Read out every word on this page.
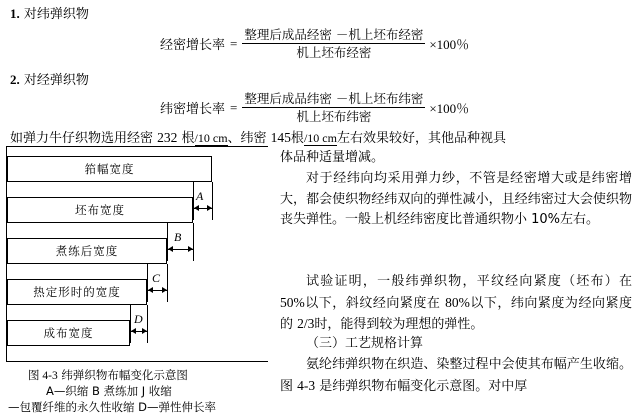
1. 对纬弹织物
经密增长率 = $\frac{\text{整理后成品经密 －机上坯布经密}}{\text{机上坯布经密}} \times 100$％
2. 对经弹织物
纬密增长率 = $\frac{\text{整理后成品纬密 －机上坯布纬密}}{\text{机上坯布纬密}} \times 100$％
如弹力牛仔织物选用经密 232 根/10 cm、纬密 145根/10 cm左右效果较好，其他品种视具
体品种适量增减。
对于经纬向均采用弹力纱，不管是经密增大或是纬密增大，都会使织物经纬双向的弹性减小，且经纬密过大会使织物丧失弹性。一般上机经纬密度比普通织物小 10%左右。
试验证明，一般纬弹织物，平纹经向紧度（坯布）在 50%以下，斜纹经向紧度在 80%以下，纬向紧度为经向紧度的 2/3时，能得到较为理想的弹性。
（三）工艺规格计算
氨纶纬弹织物在织造、染整过程中会使其布幅产生收缩。图 4-3 是纬弹织物布幅变化示意图。对中厚
筘幅宽度
坯布宽度
煮练后宽度
热定形时的宽度
成布宽度
A
B
C
D
图 4-3 纬弹织物布幅变化示意图
A—织缩 B 煮练加 J 收缩
—包覆纤维的永久性收缩 D—弹性伸长率
